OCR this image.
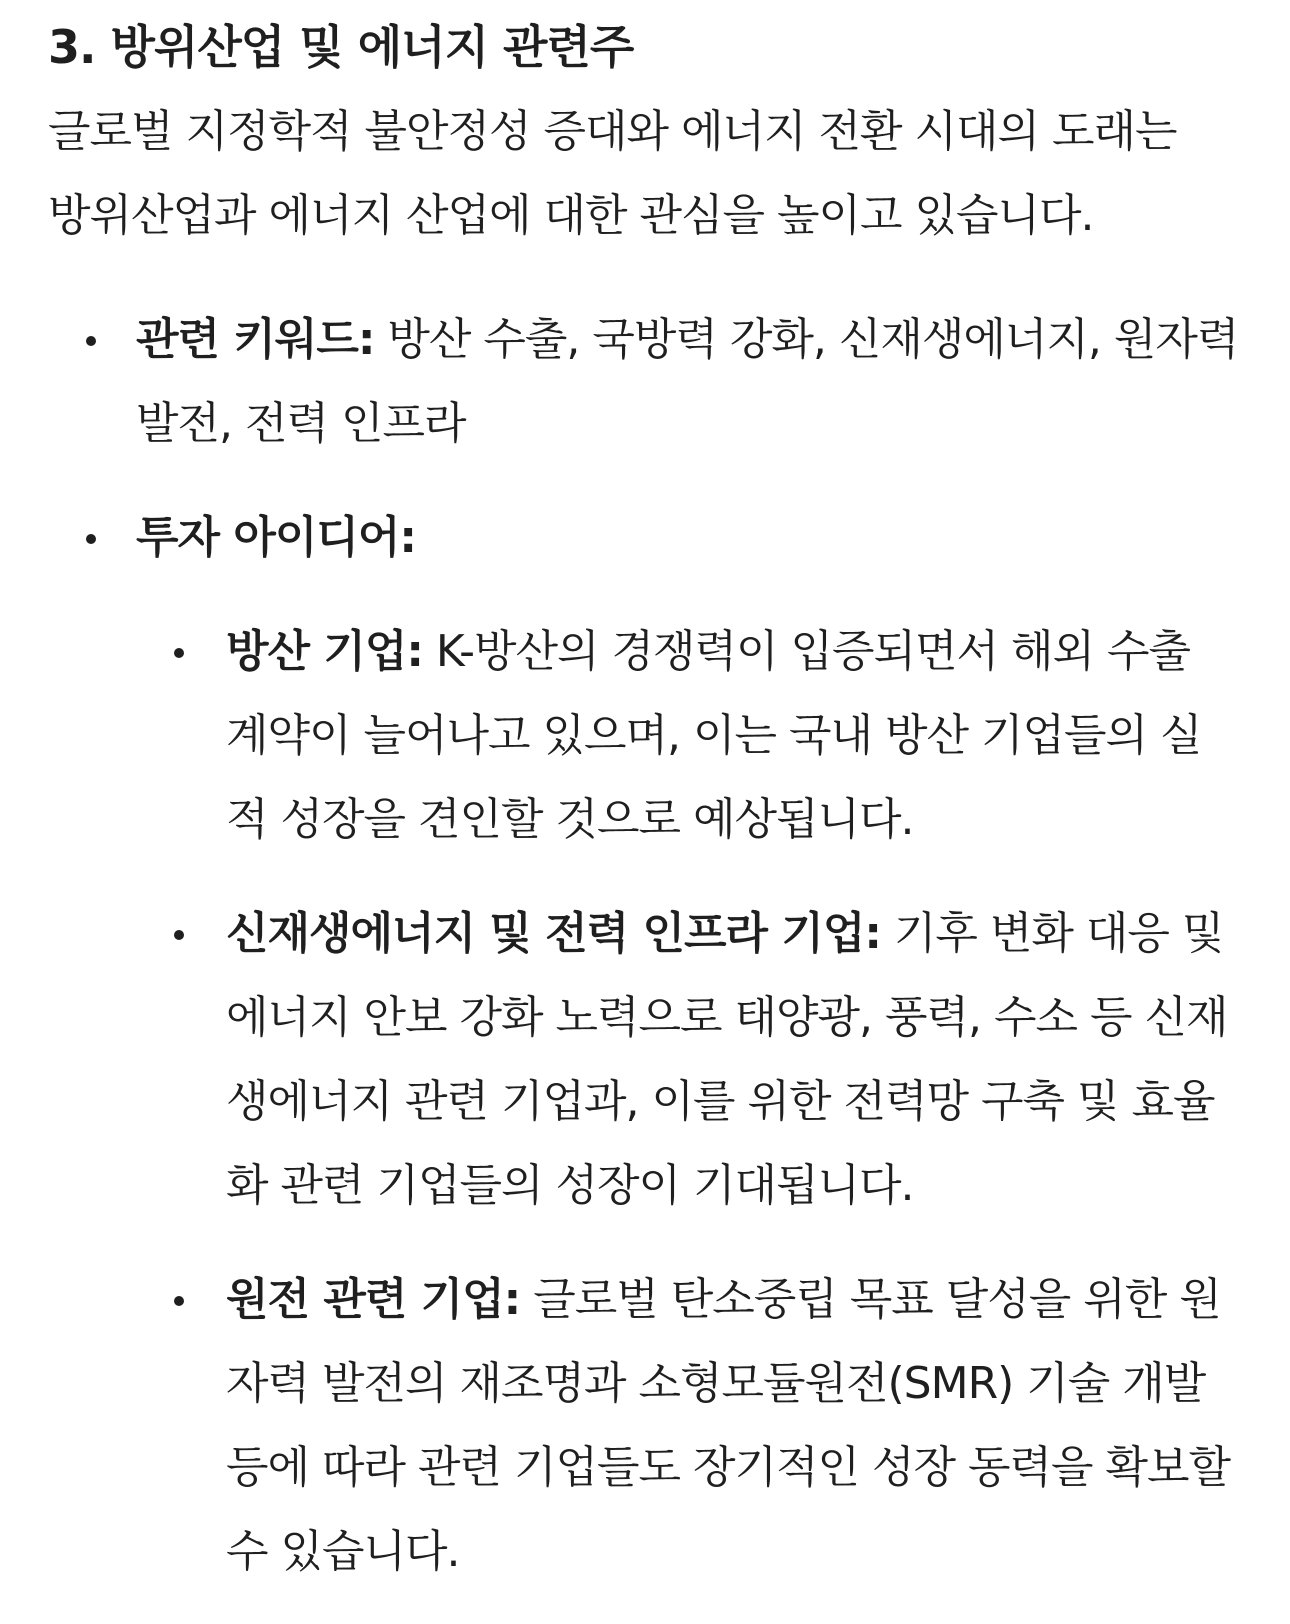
3. 방위산업 및 에너지 관련주

글로벌 지정학적 불안정성 증대와 에너지 전환 시대의 도래는 방위산업과 에너지 산업에 대한 관심을 높이고 있습니다.

관련 키워드: 방산 수출, 국방력 강화, 신재생에너지, 원자력 발전, 전력 인프라
투자 아이디어:
방산 기업: K-방산의 경쟁력이 입증되면서 해외 수출 계약이 늘어나고 있으며, 이는 국내 방산 기업들의 실적 성장을 견인할 것으로 예상됩니다.
신재생에너지 및 전력 인프라 기업: 기후 변화 대응 및 에너지 안보 강화 노력으로 태양광, 풍력, 수소 등 신재생에너지 관련 기업과, 이를 위한 전력망 구축 및 효율화 관련 기업들의 성장이 기대됩니다.
원전 관련 기업: 글로벌 탄소중립 목표 달성을 위한 원자력 발전의 재조명과 소형모듈원전(SMR) 기술 개발 등에 따라 관련 기업들도 장기적인 성장 동력을 확보할 수 있습니다.
